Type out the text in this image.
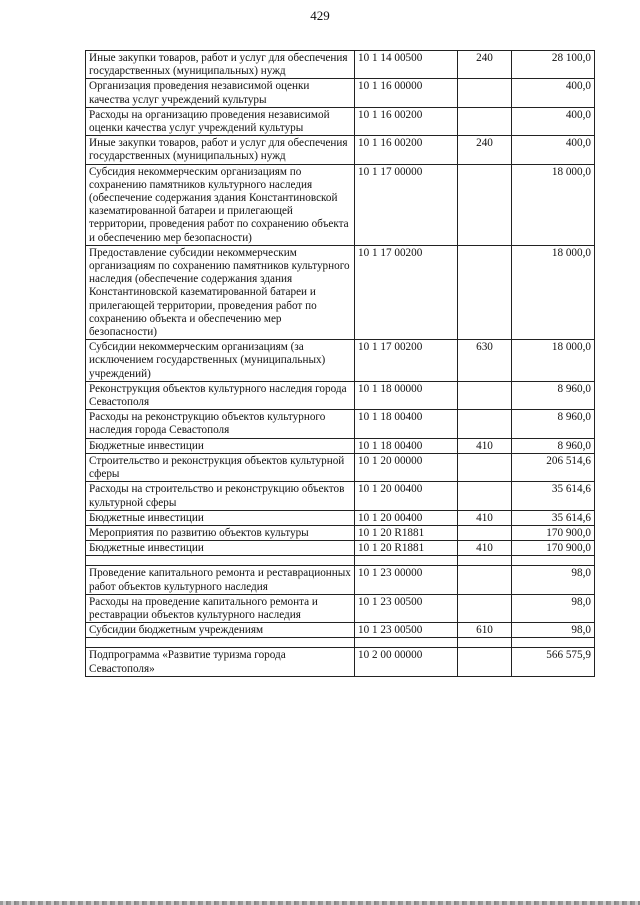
429
Иные закупки товаров, работ и услуг для обеспечения государственных (муниципальных) нужд	10 1 14 00500	240	28 100,0
Организация проведения независимой оценки качества услуг учреждений культуры	10 1 16 00000		400,0
Расходы на организацию проведения независимой оценки качества услуг учреждений культуры	10 1 16 00200		400,0
Иные закупки товаров, работ и услуг для обеспечения государственных (муниципальных) нужд	10 1 16 00200	240	400,0
Субсидия некоммерческим организациям по сохранению памятников культурного наследия (обеспечение содержания здания Константиновской казематированной батареи и прилегающей территории, проведения работ по сохранению объекта и обеспечению мер безопасности)	10 1 17 00000		18 000,0
Предоставление субсидии некоммерческим организациям по сохранению памятников культурного наследия (обеспечение содержания здания Константиновской казематированной батареи и прилегающей территории, проведения работ по сохранению объекта и обеспечению мер безопасности)	10 1 17 00200		18 000,0
Субсидии некоммерческим организациям (за исключением государственных (муниципальных) учреждений)	10 1 17 00200	630	18 000,0
Реконструкция объектов культурного наследия города Севастополя	10 1 18 00000		8 960,0
Расходы на реконструкцию объектов культурного наследия города Севастополя	10 1 18 00400		8 960,0
Бюджетные инвестиции	10 1 18 00400	410	8 960,0
Строительство и реконструкция объектов культурной сферы	10 1 20 00000		206 514,6
Расходы на строительство и реконструкцию объектов культурной сферы	10 1 20 00400		35 614,6
Бюджетные инвестиции	10 1 20 00400	410	35 614,6
Мероприятия по развитию объектов культуры	10 1 20 R1881		170 900,0
Бюджетные инвестиции	10 1 20 R1881	410	170 900,0

Проведение капитального ремонта и реставрационных работ объектов культурного наследия	10 1 23 00000		98,0
Расходы на проведение капитального ремонта и реставрации объектов культурного наследия	10 1 23 00500		98,0
Субсидии бюджетным учреждениям	10 1 23 00500	610	98,0

Подпрограмма «Развитие туризма города Севастополя»	10 2 00 00000		566 575,9
